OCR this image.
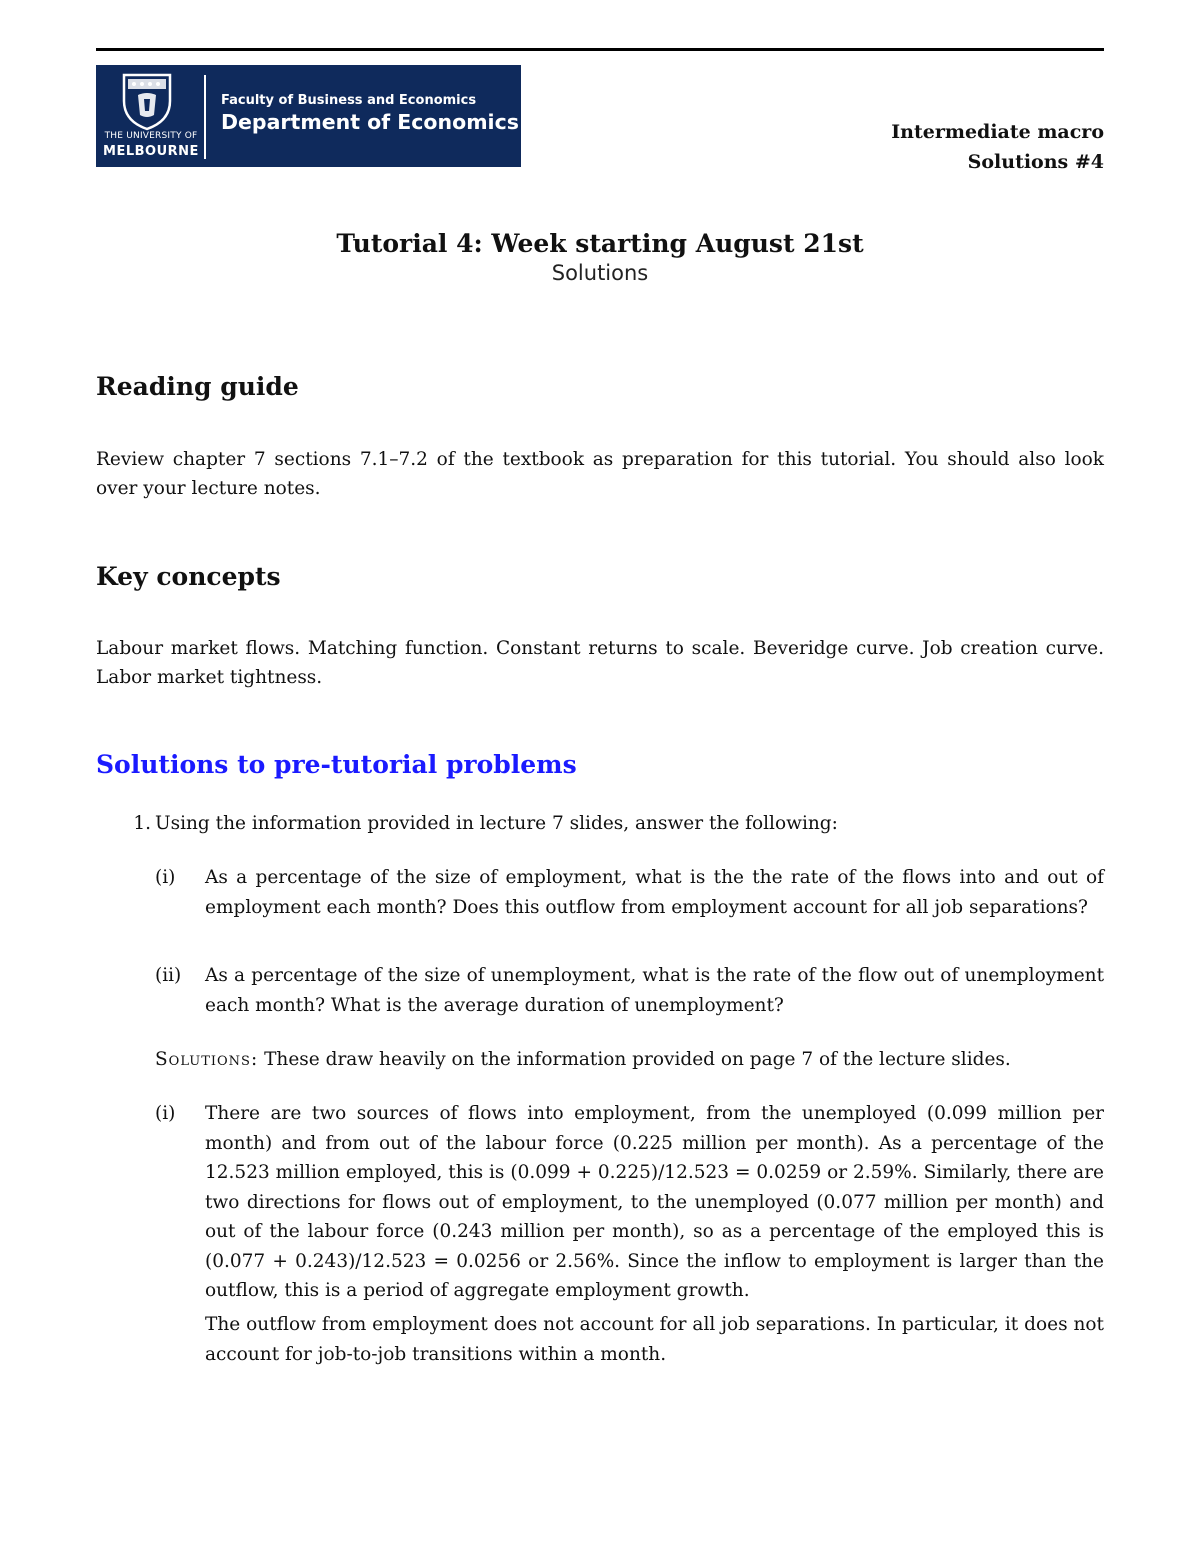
THE UNIVERSITY OF
MELBOURNE
Faculty of Business and Economics
Department of Economics	Intermediate macro
Solutions #4
Tutorial 4: Week starting August 21st
Solutions
Reading guide
Review chapter 7 sections 7.1–7.2 of the textbook as preparation for this tutorial. You should also look over your lecture notes.
Key concepts
Labour market flows. Matching function. Constant returns to scale. Beveridge curve. Job creation curve. Labor market tightness.
Solutions to pre-tutorial problems
1. Using the information provided in lecture 7 slides, answer the following:
(i)	As a percentage of the size of employment, what is the the rate of the flows into and out of employment each month? Does this outflow from employment account for all job separations?
(ii)	As a percentage of the size of unemployment, what is the rate of the flow out of unemployment each month? What is the average duration of unemployment?
Solutions: These draw heavily on the information provided on page 7 of the lecture slides.
(i)	There are two sources of flows into employment, from the unemployed (0.099 million per month) and from out of the labour force (0.225 million per month). As a percentage of the 12.523 million employed, this is (0.099 + 0.225)/12.523 = 0.0259 or 2.59%. Similarly, there are two directions for flows out of employment, to the unemployed (0.077 million per month) and out of the labour force (0.243 million per month), so as a percentage of the employed this is (0.077 + 0.243)/12.523 = 0.0256 or 2.56%. Since the inflow to employment is larger than the outflow, this is a period of aggregate employment growth.
The outflow from employment does not account for all job separations. In particular, it does not account for job-to-job transitions within a month.
